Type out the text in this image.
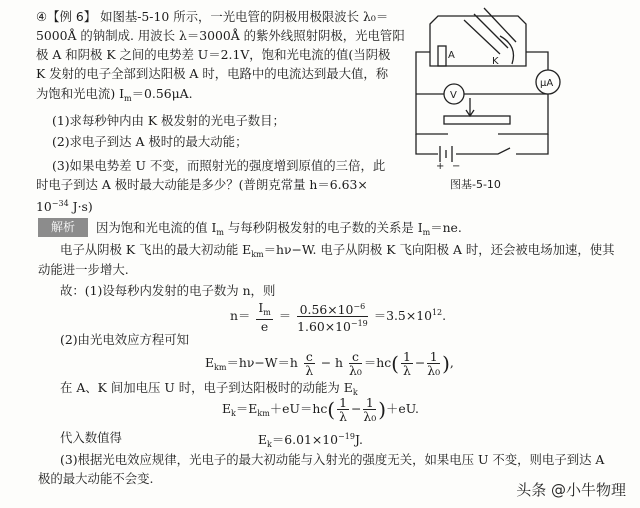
④【例 6】 如图基-5-10 所示，一光电管的阴极用极限波长 λ₀＝
5000Å 的钠制成. 用波长 λ＝3000Å 的紫外线照射阴极，光电管阳
极 A 和阴极 K 之间的电势差 U＝2.1V，饱和光电流的值(当阴极
K 发射的电子全部到达阳极 A 时，电路中的电流达到最大值，称
为饱和光电流) $I_m=0.56\mu A$.
(1)求每秒钟内由 K 极发射的光电子数目；
(2)求电子到达 A 极时的最大动能；
(3)如果电势差 U 不变，而照射光的强度增到原值的三倍，此
时电子到达 A 极时最大动能是多少？(普朗克常量 h＝6.63×
$10^{-34}$ J·s)
A
K
μA
V
+ −
图基-5-10
解析	因为饱和光电流的值 $I_m$ 与每秒阴极发射的电子数的关系是 $I_m=ne$.
电子从阴极 K 飞出的最大初动能 $E_{km}=h\nu-W$. 电子从阴极 K 飞向阳极 A 时，还会被电场加速，使其
动能进一步增大.
故：(1)设每秒内发射的电子数为 n，则
$n= \frac{I_m}{e} = \frac{0.56\times 10^{-6}}{1.60\times 10^{-19}} =3.5\times 10^{12}$.
(2)由光电效应方程可知
$E_{km}=h\nu-W=h \frac{c}{\lambda} - h \frac{c}{\text{λ₀}} =hc( \frac{1}{\lambda} - \frac{1}{\text{λ₀}}$ ),
在 A、K 间加电压 U 时，电子到达阳极时的动能为 $E_k$
$E_k=E_{km}+eU=hc( \frac{1}{\lambda} - \frac{1}{\text{λ₀}} )+eU$.
代入数值得	$E_k=6.01\times 10^{-19}J$.
(3)根据光电效应规律，光电子的最大初动能与入射光的强度无关，如果电压 U 不变，则电子到达 A
极的最大动能不会变.
头条 @小牛物理
